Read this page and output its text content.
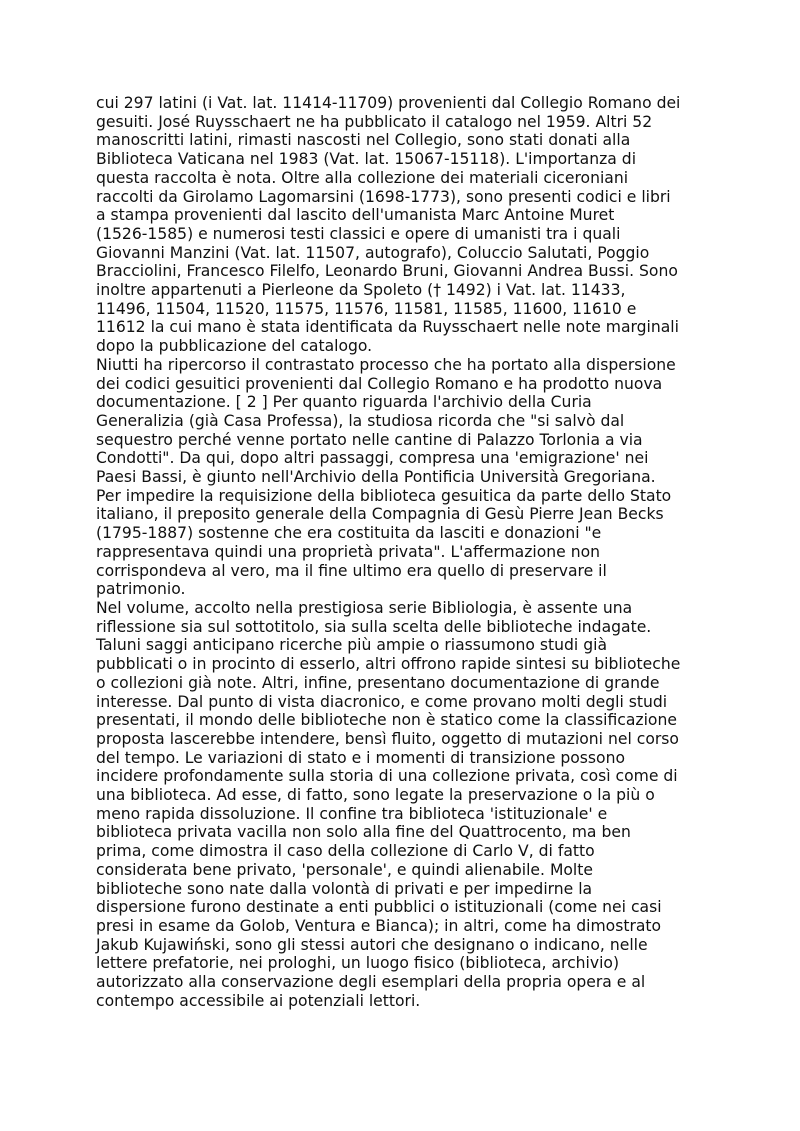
cui 297 latini (i Vat. lat. 11414-11709) provenienti dal Collegio Romano dei
gesuiti. José Ruysschaert ne ha pubblicato il catalogo nel 1959. Altri 52
manoscritti latini, rimasti nascosti nel Collegio, sono stati donati alla
Biblioteca Vaticana nel 1983 (Vat. lat. 15067-15118). L'importanza di
questa raccolta è nota. Oltre alla collezione dei materiali ciceroniani
raccolti da Girolamo Lagomarsini (1698-1773), sono presenti codici e libri
a stampa provenienti dal lascito dell'umanista Marc Antoine Muret
(1526-1585) e numerosi testi classici e opere di umanisti tra i quali
Giovanni Manzini (Vat. lat. 11507, autografo), Coluccio Salutati, Poggio
Bracciolini, Francesco Filelfo, Leonardo Bruni, Giovanni Andrea Bussi. Sono
inoltre appartenuti a Pierleone da Spoleto († 1492) i Vat. lat. 11433,
11496, 11504, 11520, 11575, 11576, 11581, 11585, 11600, 11610 e
11612 la cui mano è stata identificata da Ruysschaert nelle note marginali
dopo la pubblicazione del catalogo.
Niutti ha ripercorso il contrastato processo che ha portato alla dispersione
dei codici gesuitici provenienti dal Collegio Romano e ha prodotto nuova
documentazione. [ 2 ] Per quanto riguarda l'archivio della Curia
Generalizia (già Casa Professa), la studiosa ricorda che "si salvò dal
sequestro perché venne portato nelle cantine di Palazzo Torlonia a via
Condotti". Da qui, dopo altri passaggi, compresa una 'emigrazione' nei
Paesi Bassi, è giunto nell'Archivio della Pontificia Università Gregoriana.
Per impedire la requisizione della biblioteca gesuitica da parte dello Stato
italiano, il preposito generale della Compagnia di Gesù Pierre Jean Becks
(1795-1887) sostenne che era costituita da lasciti e donazioni "e
rappresentava quindi una proprietà privata". L'affermazione non
corrispondeva al vero, ma il fine ultimo era quello di preservare il
patrimonio.
Nel volume, accolto nella prestigiosa serie Bibliologia, è assente una
riflessione sia sul sottotitolo, sia sulla scelta delle biblioteche indagate.
Taluni saggi anticipano ricerche più ampie o riassumono studi già
pubblicati o in procinto di esserlo, altri offrono rapide sintesi su biblioteche
o collezioni già note. Altri, infine, presentano documentazione di grande
interesse. Dal punto di vista diacronico, e come provano molti degli studi
presentati, il mondo delle biblioteche non è statico come la classificazione
proposta lascerebbe intendere, bensì fluito, oggetto di mutazioni nel corso
del tempo. Le variazioni di stato e i momenti di transizione possono
incidere profondamente sulla storia di una collezione privata, così come di
una biblioteca. Ad esse, di fatto, sono legate la preservazione o la più o
meno rapida dissoluzione. Il confine tra biblioteca 'istituzionale' e
biblioteca privata vacilla non solo alla fine del Quattrocento, ma ben
prima, come dimostra il caso della collezione di Carlo V, di fatto
considerata bene privato, 'personale', e quindi alienabile. Molte
biblioteche sono nate dalla volontà di privati e per impedirne la
dispersione furono destinate a enti pubblici o istituzionali (come nei casi
presi in esame da Golob, Ventura e Bianca); in altri, come ha dimostrato
Jakub Kujawiński, sono gli stessi autori che designano o indicano, nelle
lettere prefatorie, nei prologhi, un luogo fisico (biblioteca, archivio)
autorizzato alla conservazione degli esemplari della propria opera e al
contempo accessibile ai potenziali lettori.
